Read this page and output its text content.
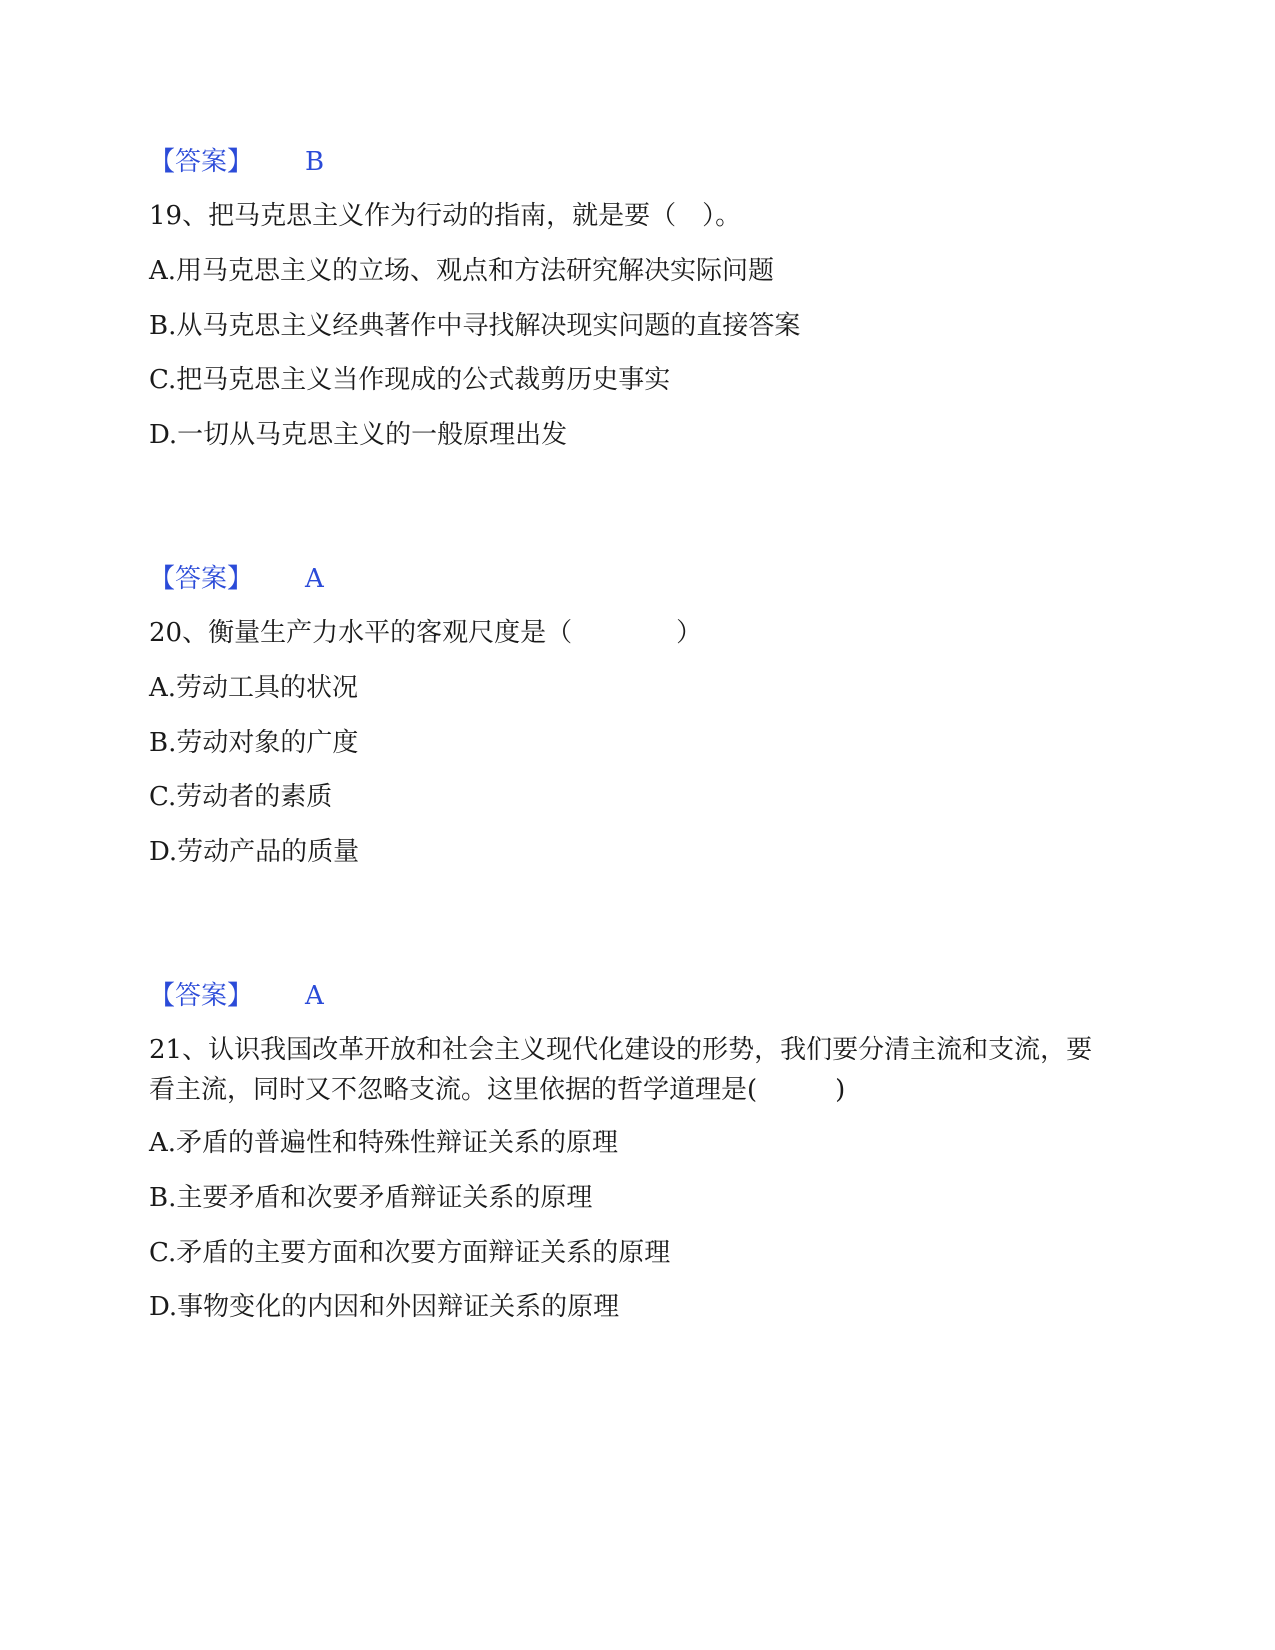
【答案】 B
19、把马克思主义作为行动的指南，就是要（　）。
A.用马克思主义的立场、观点和方法研究解决实际问题
B.从马克思主义经典著作中寻找解决现实问题的直接答案
C.把马克思主义当作现成的公式裁剪历史事实
D.一切从马克思主义的一般原理出发
【答案】 A
20、衡量生产力水平的客观尺度是（　　　　）
A.劳动工具的状况
B.劳动对象的广度
C.劳动者的素质
D.劳动产品的质量
【答案】 A
21、认识我国改革开放和社会主义现代化建设的形势，我们要分清主流和支流，要看主流，同时又不忽略支流。这里依据的哲学道理是(　　　)
A.矛盾的普遍性和特殊性辩证关系的原理
B.主要矛盾和次要矛盾辩证关系的原理
C.矛盾的主要方面和次要方面辩证关系的原理
D.事物变化的内因和外因辩证关系的原理
